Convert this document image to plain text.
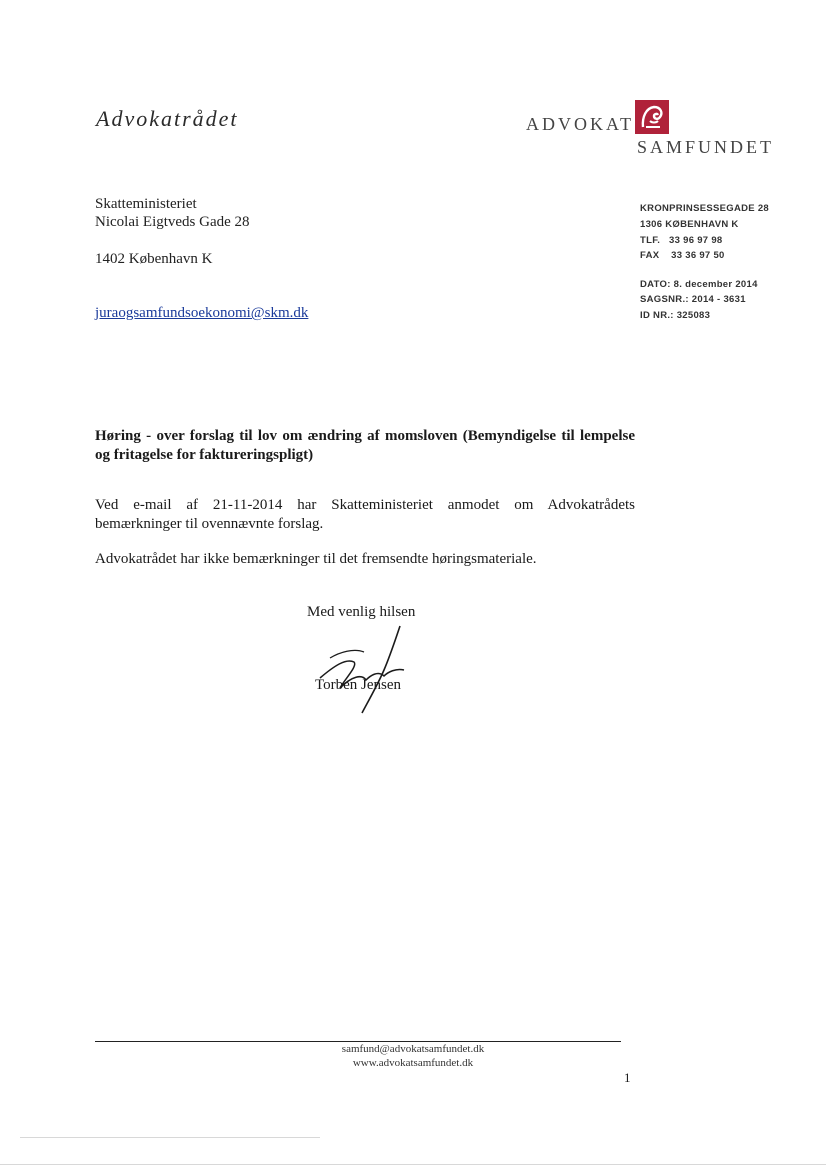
Advokatrådet	ADVOKAT
SAMFUNDET
Skatteministeriet
Nicolai Eigtveds Gade 28
1402 København K
juraogsamfundsoekonomi@skm.dk
KRONPRINSESSEGADE 28
1306 KØBENHAVN K
TLF.   33 96 97 98
FAX    33 36 97 50
DATO: 8. december 2014
SAGSNR.: 2014 - 3631
ID NR.: 325083
Høring - over forslag til lov om ændring af momsloven (Bemyndigelse til lempelse og fritagelse for faktureringspligt)
Ved e-mail af 21-11-2014 har Skatteministeriet anmodet om Advokatrådets bemærkninger til ovennævnte forslag.
Advokatrådet har ikke bemærkninger til det fremsendte høringsmateriale.
Med venlig hilsen
Torben Jensen
samfund@advokatsamfundet.dk
www.advokatsamfundet.dk
1
